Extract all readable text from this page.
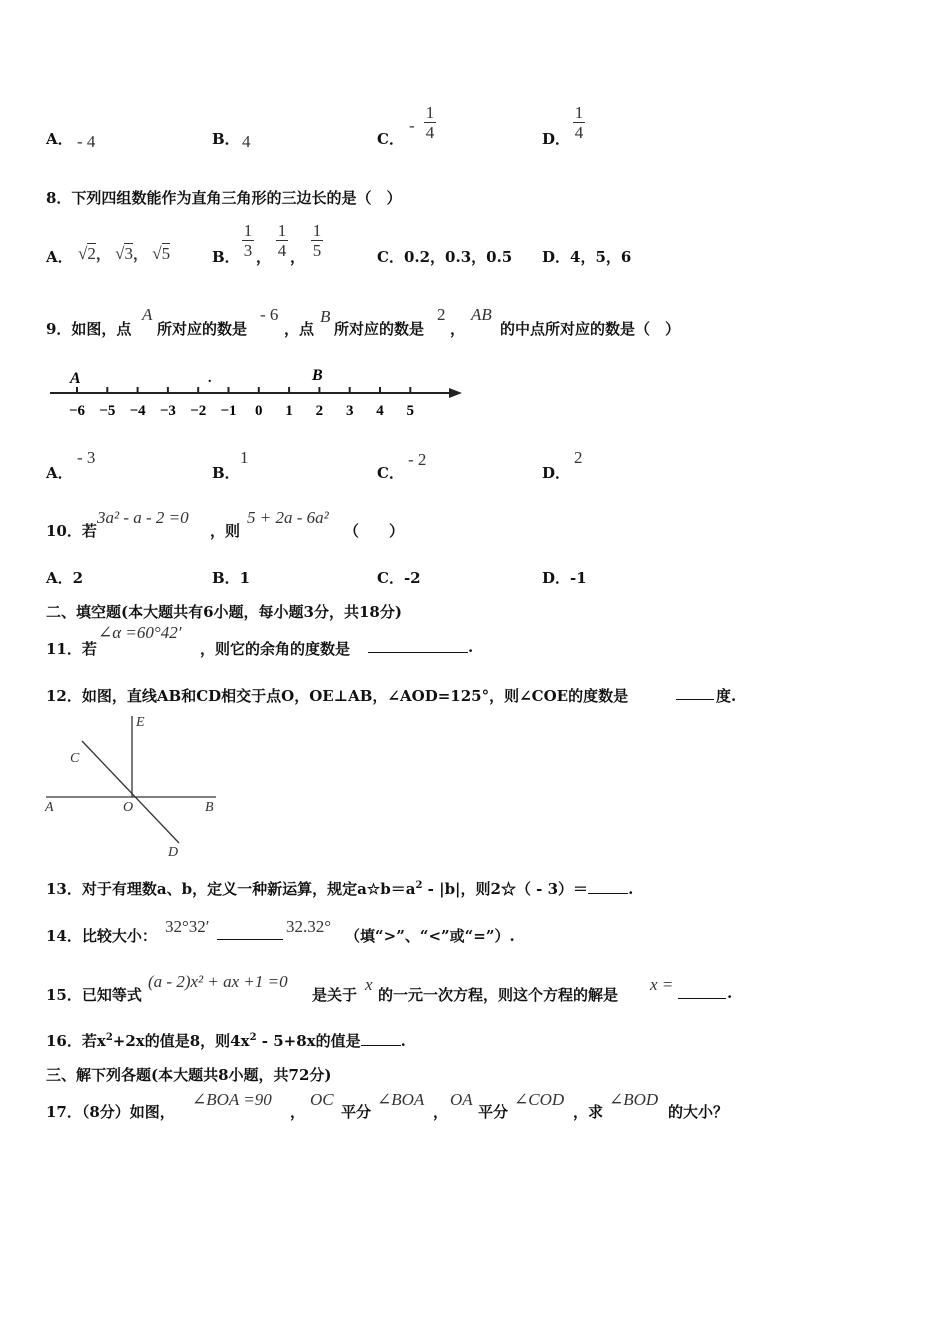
A． - 4	B． 4	C．
-
1
4	D．
1
4
8．下列四组数能作为直角三角形的三边长的是（　）
A． √2， √3， √5	B．
1
3 ，
1
4 ，
1
5	C．0.2，0.3，0.5 D．4，5，6
9．如图，点
A
所对应的数是
- 6
，点
B
所对应的数是
2
，
AB
的中点所对应的数是（　）
−6 −5 −4 −3 −2 −1 0 1 2 3 4 5
A	B
.
A．
- 3
B．
1
C．
- 2
D．
2
10．若
3a² - a - 2 =0
，则
5 + 2a - 6a²
（　　）
A．2	B．1	C．-2	D．-1
二、填空题(本大题共有6小题，每小题3分，共18分)
11．若
∠α =60°42′
，则它的余角的度数是	.
12．如图，直线AB和CD相交于点O，OE⊥AB，∠AOD=125°，则∠COE的度数是	度.
E
C
A	O	B
D
13．对于有理数a、b，定义一种新运算，规定$a☆b=a^2 - |b|$，则2☆（ - 3）＝	.
14．比较大小： 32°32′	32.32° （填“>”、“<”或“=”）.
15．已知等式
(a - 2)x² + ax +1 =0
是关于
x
的一元一次方程，则这个方程的解是
x =	.
16．若$x^2+2x$的值是8，则$4x^2 - 5+8x$的值是	.
三、解下列各题(本大题共8小题，共72分)
17．（8分）如图，
∠BOA =90
，
OC
平分
∠BOA
，
OA
平分
∠COD
，求
∠BOD
的大小？
